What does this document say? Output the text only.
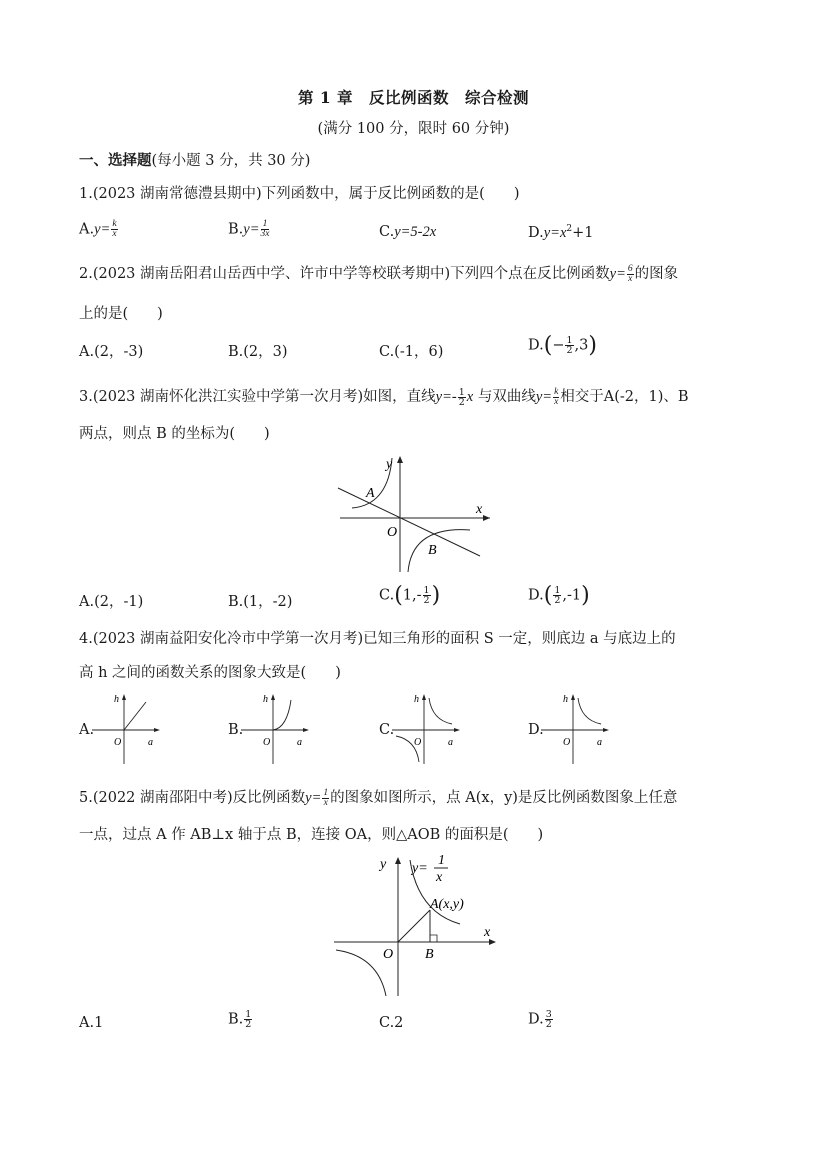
第 1 章　反比例函数　综合检测
(满分 100 分，限时 60 分钟)
一、选择题(每小题 3 分，共 30 分)
1.(2023 湖南常德澧县期中)下列函数中，属于反比例函数的是(　　)
$A.y= \frac{k}{x}$	$B.y= \frac{1}{3x}$	C.y=5-2x	$D.y=x^2+1$
2.(2023 湖南岳阳君山岳西中学、许市中学等校联考期中)下列四个点在反比例函数$y= \frac{6}{x}$ 的图象
上的是(　　)
A.(2，-3)	B.(2，3)	C.(-1，6)	$D.(- \frac{1}{2} ,3)$
3.(2023 湖南怀化洪江实验中学第一次月考)如图，直线$y=- \frac{1}{2}$ x 与双曲线$y= \frac{k}{x}$ 相交于A(-2，1)、B
两点，则点 B 的坐标为(　　)
y
x
O
A
B
A.(2，-1)	B.(1，-2)	$C.(1,- \frac{1}{2}$ )	$D.( \frac{1}{2} ,-1)$
4.(2023 湖南益阳安化冷市中学第一次月考)已知三角形的面积 S 一定，则底边 a 与底边上的
高 h 之间的函数关系的图象大致是(　　)
A.
h
a
O
B.
h
a
O
C.
h
a
O
D.
h
a
O
5.(2022 湖南邵阳中考)反比例函数$y= \frac{1}{x}$ 的图象如图所示，点 A(x，y)是反比例函数图象上任意
一点，过点 A 作 AB⊥x 轴于点 B，连接 OA，则△AOB 的面积是(　　)
y
x
O B
A(x,y)
y=
1
x
A.1	B. $\frac{1}{2}$	C.2	D. $\frac{3}{2}$
